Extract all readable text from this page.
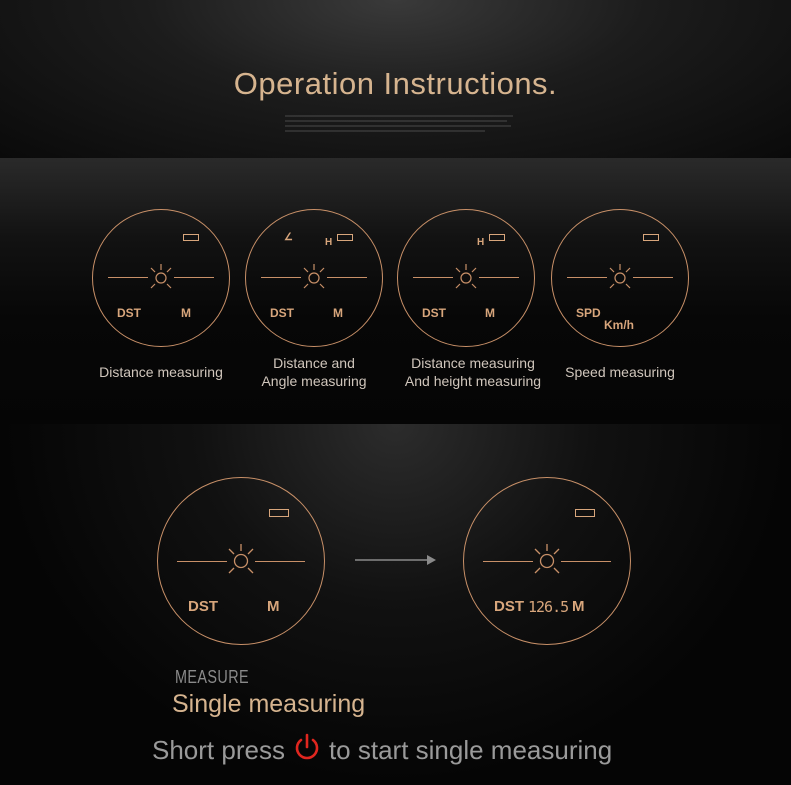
Operation Instructions.
DST	M
Distance measuring
∠	H
DST	M
Distance and
Angle measuring
H
DST	M
Distance measuring
And height measuring
SPD
Km/h
Speed measuring
DST	M	DST 126.5 M
MEASURE
Single measuring
Short press to start single measuring
